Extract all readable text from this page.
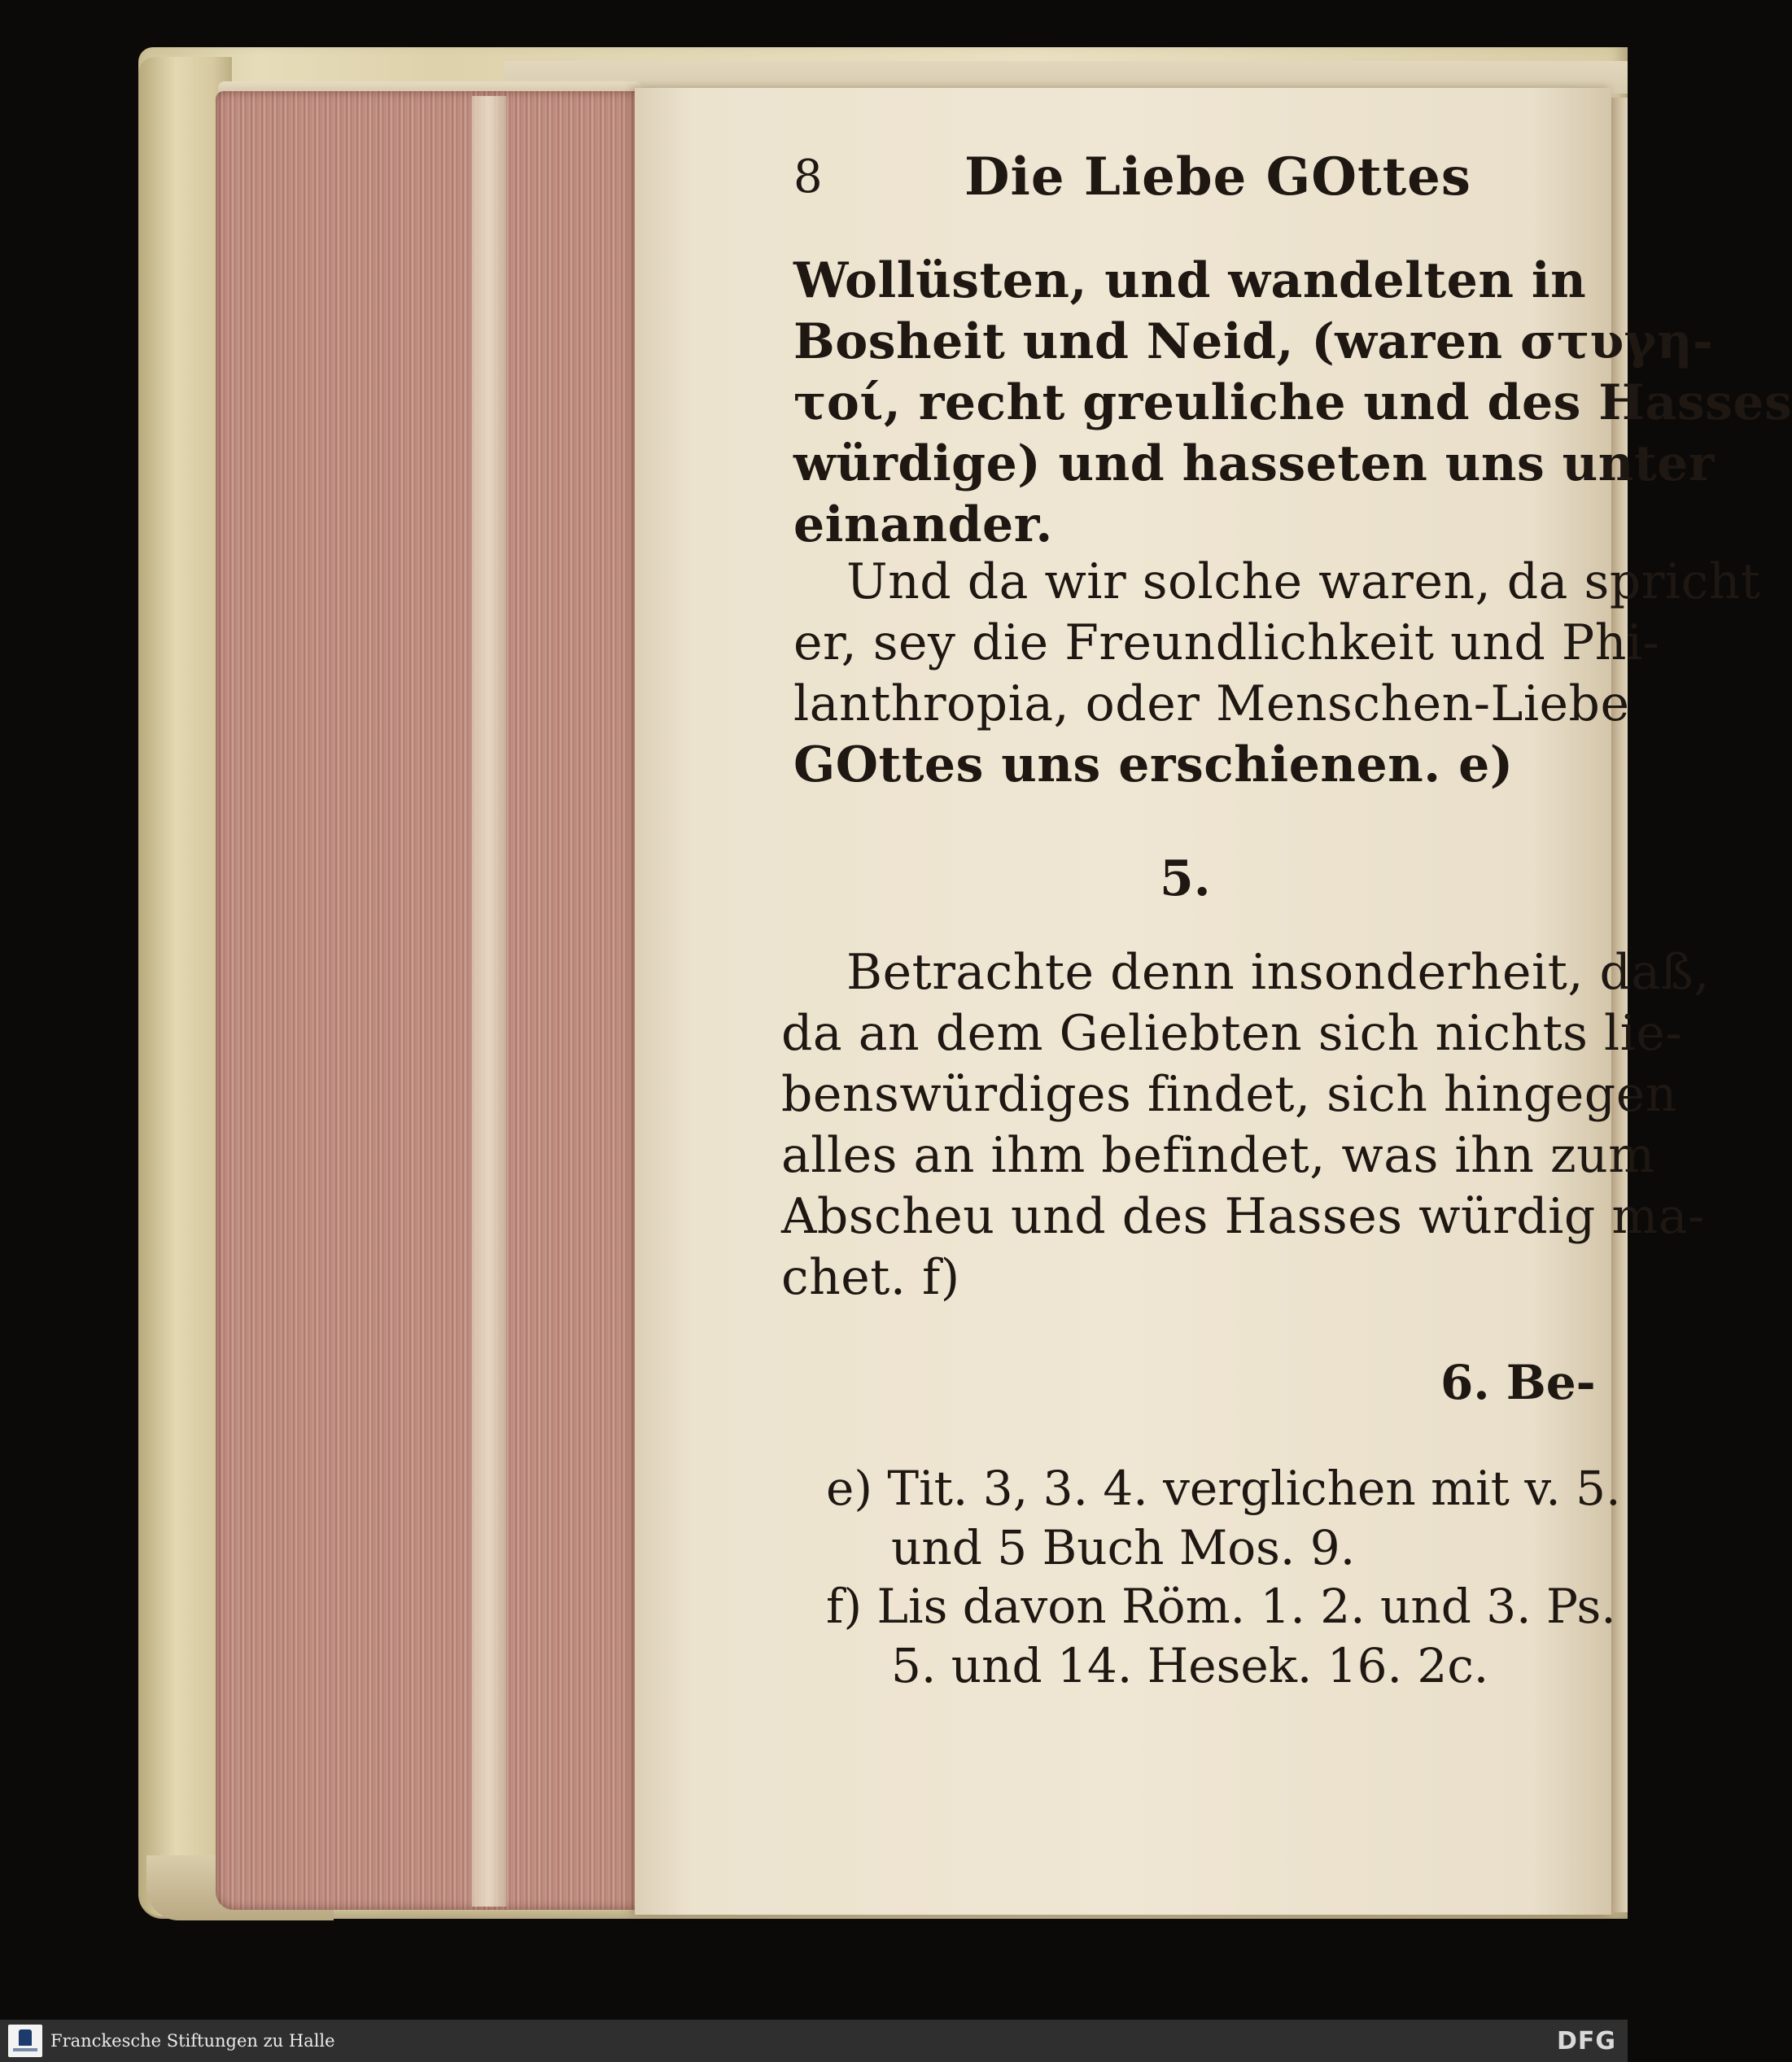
8	Die Liebe GOttes
Wollüsten, und wandelten in
Bosheit und Neid, (waren στυγη-
τοί, recht greuliche und des Hasses
würdige) und hasseten uns unter
einander.
Und da wir solche waren, da spricht
er, sey die Freundlichkeit und Phi-
lanthropia, oder Menschen-Liebe
GOttes uns erschienen. e)
5.
Betrachte denn insonderheit, daß,
da an dem Geliebten sich nichts lie-
benswürdiges findet, sich hingegen
alles an ihm befindet, was ihn zum
Abscheu und des Hasses würdig ma-
chet. f)
6. Be-
e) Tit. 3, 3. 4. verglichen mit v. 5.
und 5 Buch Mos. 9.
f) Lis davon Röm. 1. 2. und 3. Ps.
5. und 14. Hesek. 16. 2c.
Franckesche Stiftungen zu Halle	DFG
